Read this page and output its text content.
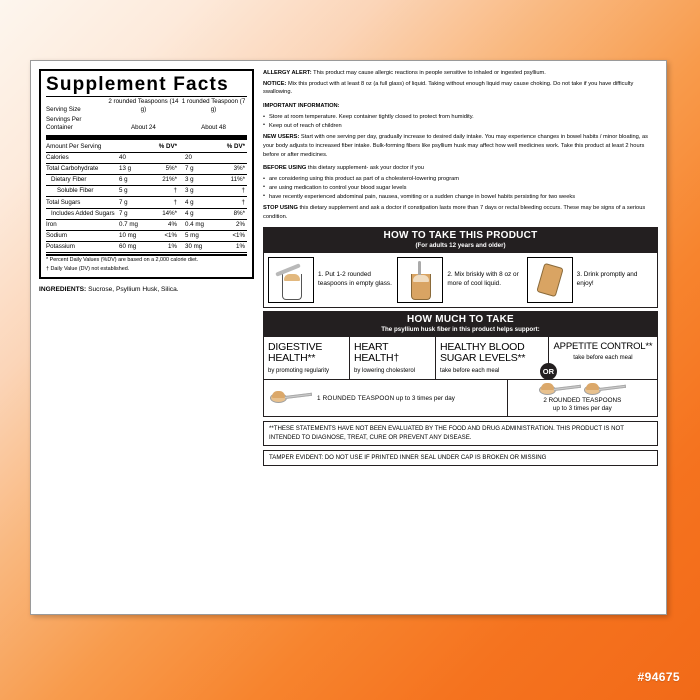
Supplement Facts
Serving Size	2 rounded Teaspoons (14 g)	1 rounded Teaspoon (7 g)
Servings Per Container	About 24	About 48
Amount Per Serving		% DV*		% DV*
Calories	40		20	
Total Carbohydrate	13 g	5%*	7 g	3%*
Dietary Fiber	6 g	21%*	3 g	11%*
Soluble Fiber	5 g	†	3 g	†
Total Sugars	7 g	†	4 g	†
Includes Added Sugars	7 g	14%*	4 g	8%*
Iron	0.7 mg	4%	0.4 mg	2%
Sodium	10 mg	<1%	5 mg	<1%
Potassium	60 mg	1%	30 mg	1%
* Percent Daily Values (%DV) are based on a 2,000 calorie diet.
† Daily Value (DV) not established.
INGREDIENTS: Sucrose, Psyllium Husk, Silica.

ALLERGY ALERT: This product may cause allergic reactions in people sensitive to inhaled or ingested psyllium.

NOTICE: Mix this product with at least 8 oz (a full glass) of liquid. Taking without enough liquid may cause choking. Do not take if you have difficulty swallowing.

IMPORTANT INFORMATION:

• Store at room temperature. Keep container tightly closed to protect from humidity.
• Keep out of reach of children

NEW USERS: Start with one serving per day, gradually increase to desired daily intake. You may experience changes in bowel habits / minor bloating, as your body adjusts to increased fiber intake. Bulk-forming fibers like psyllium husk may affect how well medicines work. Take this product at least 2 hours before or after medicines.

BEFORE USING this dietary supplement- ask your doctor if you

• are considering using this product as part of a cholesterol-lowering program
• are using medication to control your blood sugar levels
• have recently experienced abdominal pain, nausea, vomiting or a sudden change in bowel habits persisting for two weeks

STOP USING this dietary supplement and ask a doctor if constipation lasts more than 7 days or rectal bleeding occurs. These may be signs of a serious condition.

HOW TO TAKE THIS PRODUCT
(For adults 12 years and older)
1. Put 1-2 rounded teaspoons in empty glass.
2. Mix briskly with 8 oz or more of cool liquid.
3. Drink promptly and enjoy!
HOW MUCH TO TAKE
The psyllium husk fiber in this product helps support:
DIGESTIVE HEALTH**
by promoting regularity
HEART HEALTH†
by lowering cholesterol
HEALTHY BLOOD SUGAR LEVELS**
take before each meal	OR
APPETITE CONTROL**
take before each meal
1 ROUNDED TEASPOON up to 3 times per day	2 ROUNDED TEASPOONS
up to 3 times per day
**THESE STATEMENTS HAVE NOT BEEN EVALUATED BY THE FOOD AND DRUG ADMINISTRATION. THIS PRODUCT IS NOT INTENDED TO DIAGNOSE, TREAT, CURE OR PREVENT ANY DISEASE.
TAMPER EVIDENT: DO NOT USE IF PRINTED INNER SEAL UNDER CAP IS BROKEN OR MISSING
#94675
